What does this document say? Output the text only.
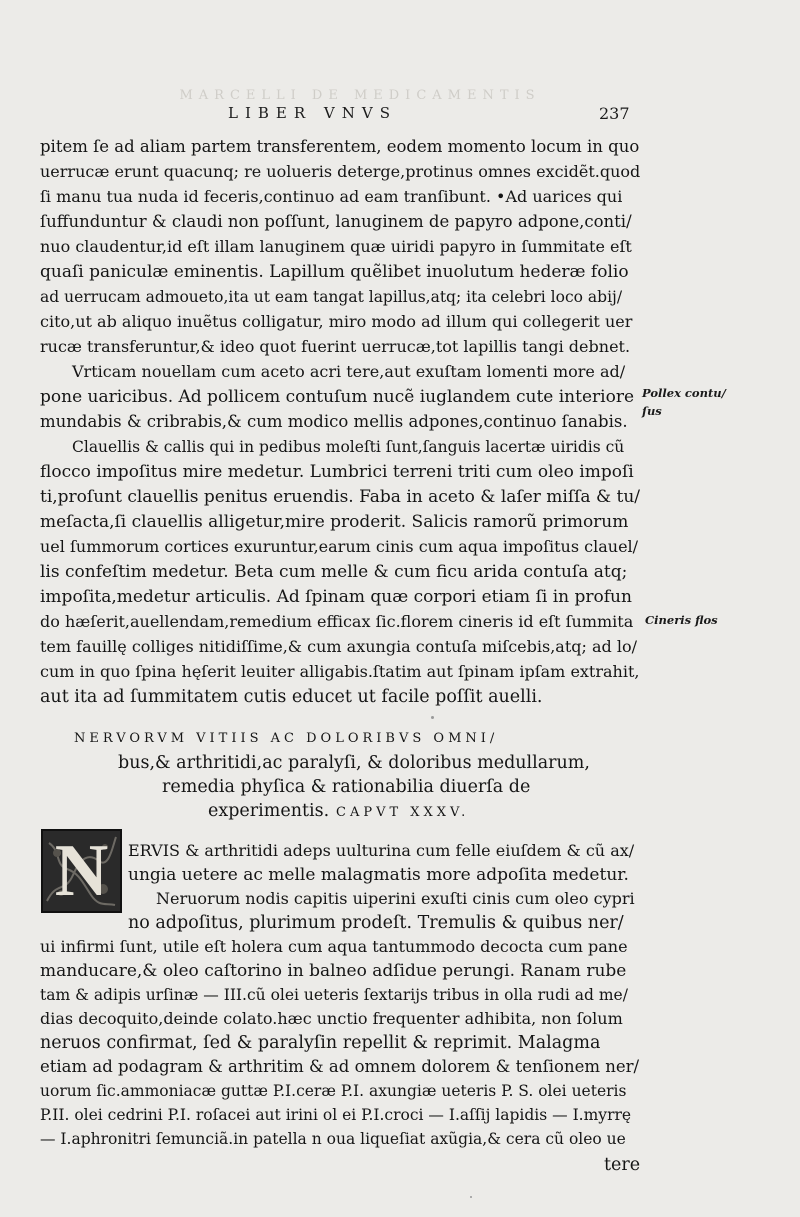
MARCELLI DE MEDICAMENTIS
LIBER VNVS	237
pitem ſe ad aliam partem transferentem, eodem momento locum in quo
uerrucæ erunt quacunq; re uolueris deterge,protinus omnes excidẽt.quod
ſi manu tua nuda id feceris,continuo ad eam tranſibunt. •Ad uarices qui
ſuffunduntur & claudi non poſſunt, lanuginem de papyro adpone,conti/
nuo claudentur,id eſt illam lanuginem quæ uiridi papyro in ſummitate eſt
quaſi paniculæ eminentis. Lapillum quẽlibet inuolutum hederæ folio
ad uerrucam admoueto,ita ut eam tangat lapillus,atq; ita celebri loco abij/
cito,ut ab aliquo inuẽtus colligatur, miro modo ad illum qui collegerit uer
rucæ transferuntur,& ideo quot fuerint uerrucæ,tot lapillis tangi debnet.
Vrticam nouellam cum aceto acri tere,aut exuſtam lomenti more ad/
pone uaricibus. Ad pollicem contuſum nucẽ iuglandem cute interiore
mundabis & cribrabis,& cum modico mellis adpones,continuo ſanabis.
Clauellis & callis qui in pedibus moleſti ſunt,ſanguis lacertæ uiridis cũ
flocco impoſitus mire medetur. Lumbrici terreni triti cum oleo impoſi
ti,proſunt clauellis penitus eruendis. Faba in aceto & laſer miſſa & tu/
meſacta,ſi clauellis alligetur,mire proderit. Salicis ramorũ primorum
uel ſummorum cortices exuruntur,earum cinis cum aqua impoſitus clauel/
lis confeſtim medetur. Beta cum melle & cum ficu arida contuſa atq;
impoſita,medetur articulis. Ad ſpinam quæ corpori etiam ſi in profun
do hæſerit,auellendam,remedium efficax ſic.florem cineris id eſt ſummita
tem fauillę colliges nitidiſſime,& cum axungia contuſa miſcebis,atq; ad lo/
cum in quo ſpina hęſerit leuiter alligabis.ſtatim aut ſpinam ipſam extrahit,
aut ita ad ſummitatem cutis educet ut facile poſſit auelli.
Pollex contu/
ſus
Cineris flos
NERVORVM VITIIS AC DOLORIBVS OMNI/
bus,& arthritidi,ac paralyſi, & doloribus medullarum,
remedia phyſica & rationabilia diuerſa de
experimentis. CAPVT XXXV.
N	ERVIS & arthritidi adeps uulturina cum felle eiuſdem & cũ ax/
ungia uetere ac melle malagmatis more adpoſita medetur.
Neruorum nodis capitis uiperini exuſti cinis cum oleo cypri
no adpoſitus, plurimum prodeſt. Tremulis & quibus ner/
ui infirmi ſunt, utile eſt holera cum aqua tantummodo decocta cum pane
manducare,& oleo caſtorino in balneo adſidue perungi. Ranam rube
tam & adipis urſinæ — III.cũ olei ueteris ſextarijs tribus in olla rudi ad me/
dias decoquito,deinde colato.hæc unctio frequenter adhibita, non ſolum
neruos confirmat, ſed & paralyſin repellit & reprimit. Malagma
etiam ad podagram & arthritim & ad omnem dolorem & tenſionem ner/
uorum ſic.ammoniacæ guttæ P.I.ceræ P.I. axungiæ ueteris P. S. olei ueteris
P.II. olei cedrini P.I. roſacei aut irini ol ei P.I.croci — I.aſſij lapidis — I.myrrę
— I.aphronitri ſemunciã.in patella n oua liqueſiat axũgia,& cera cũ oleo ue
tere
